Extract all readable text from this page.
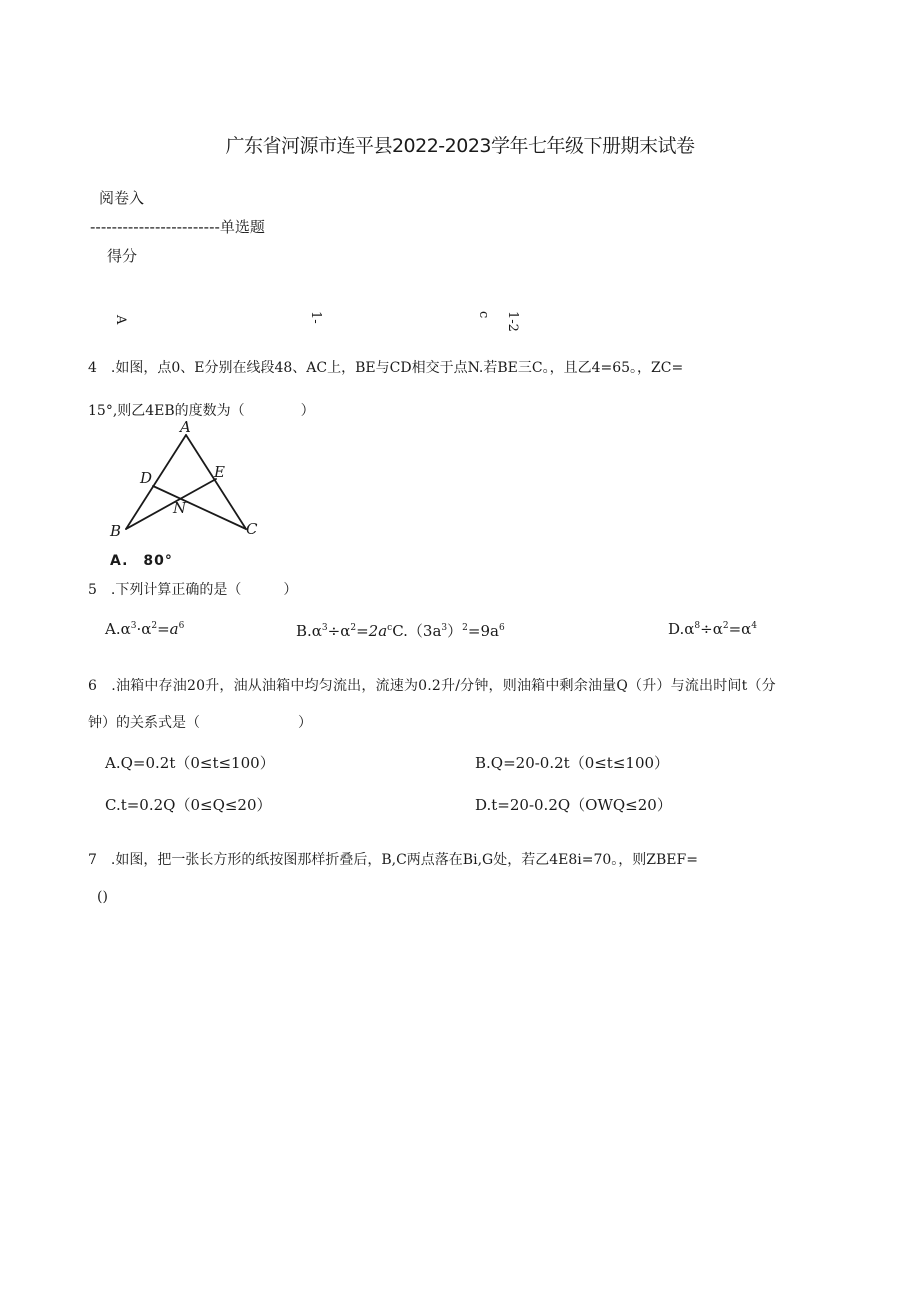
广东省河源市连平县2022-2023学年七年级下册期末试卷
阅卷入
------------------------单选题
得分
A	1-	c 1-2
4　.如图，点0、E分别在线段48、AC上，BE与CD相交于点N.若BE三C。，且乙4=65。，ZC=
15°,则乙4EB的度数为（　　　　）
A
D	E
N
B	C
A.　80°
5　.下列计算正确的是（　　　）
$A.\alpha^3\cdot\alpha^2=a^6$	$B.\alpha^3\div\alpha^2=2a^cC.(3a^3)^2=9a^6$	$D.\alpha^8\div\alpha^2=\alpha^4$
6　.油箱中存油20升，油从油箱中均匀流出，流速为0.2升/分钟，则油箱中剩余油量Q（升）与流出时间t（分
钟）的关系式是（　　　　　　　）
A.Q=0.2t（0≤t≤100）	B.Q=20-0.2t（0≤t≤100）
C.t=0.2Q（0≤Q≤20）	D.t=20-0.2Q（OWQ≤20）
7　.如图，把一张长方形的纸按图那样折叠后，B,C两点落在Bi,G处，若乙4E8i=70。，则ZBEF=
()
